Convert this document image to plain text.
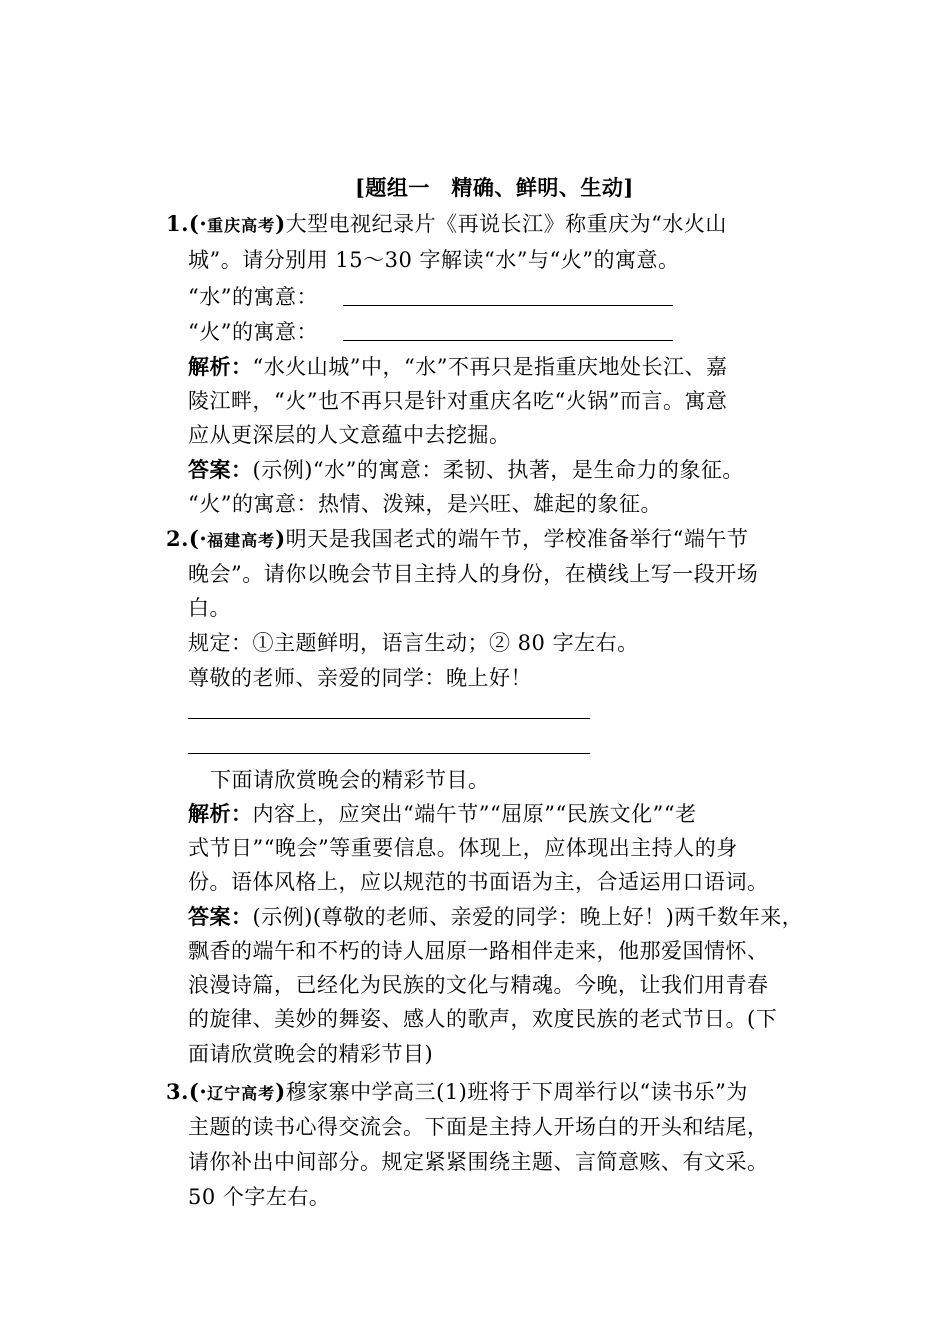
[题组一　精确、鲜明、生动]
1.(·重庆高考)大型电视纪录片《再说长江》称重庆为“水火山
城”。请分别用 15～30 字解读“水”与“火”的寓意。
“水”的寓意：
“火”的寓意：
解析：“水火山城”中，“水”不再只是指重庆地处长江、嘉
陵江畔，“火”也不再只是针对重庆名吃“火锅”而言。寓意
应从更深层的人文意蕴中去挖掘。
答案：(示例)“水”的寓意：柔韧、执著，是生命力的象征。
“火”的寓意：热情、泼辣，是兴旺、雄起的象征。
2.(·福建高考)明天是我国老式的端午节，学校准备举行“端午节
晚会”。请你以晚会节目主持人的身份，在横线上写一段开场
白。
规定：①主题鲜明，语言生动；② 80 字左右。
尊敬的老师、亲爱的同学：晚上好！
下面请欣赏晚会的精彩节目。
解析：内容上，应突出“端午节”“屈原”“民族文化”“老
式节日”“晚会”等重要信息。体现上，应体现出主持人的身
份。语体风格上，应以规范的书面语为主，合适运用口语词。
答案：(示例)(尊敬的老师、亲爱的同学：晚上好！)两千数年来，
飘香的端午和不朽的诗人屈原一路相伴走来，他那爱国情怀、
浪漫诗篇，已经化为民族的文化与精魂。今晚，让我们用青春
的旋律、美妙的舞姿、感人的歌声，欢度民族的老式节日。(下
面请欣赏晚会的精彩节目)
3.(·辽宁高考)穆家寨中学高三(1)班将于下周举行以“读书乐”为
主题的读书心得交流会。下面是主持人开场白的开头和结尾，
请你补出中间部分。规定紧紧围绕主题、言简意赅、有文采。
50 个字左右。
